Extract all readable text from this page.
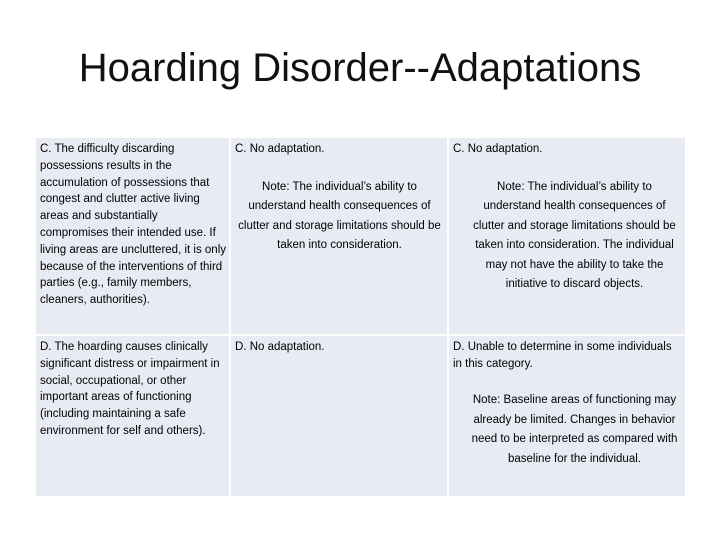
Hoarding Disorder--Adaptations
C. The difficulty discarding possessions results in the accumulation of possessions that congest and clutter active living areas and substantially compromises their intended use. If living areas are uncluttered, it is only because of the interventions of third parties (e.g., family members, cleaners, authorities).
C. No adaptation.
Note: The individual’s ability to understand health consequences of clutter and storage limitations should be taken into consideration.
C. No adaptation.
Note: The individual’s ability to understand health consequences of clutter and storage limitations should be taken into consideration. The individual may not have the ability to take the initiative to discard objects.
D. The hoarding causes clinically significant distress or impairment in social, occupational, or other important areas of functioning (including maintaining a safe environment for self and others).
D. No adaptation.	D. Unable to determine in some individuals in this category.
Note: Baseline areas of functioning may already be limited. Changes in behavior need to be interpreted as compared with baseline for the individual.
